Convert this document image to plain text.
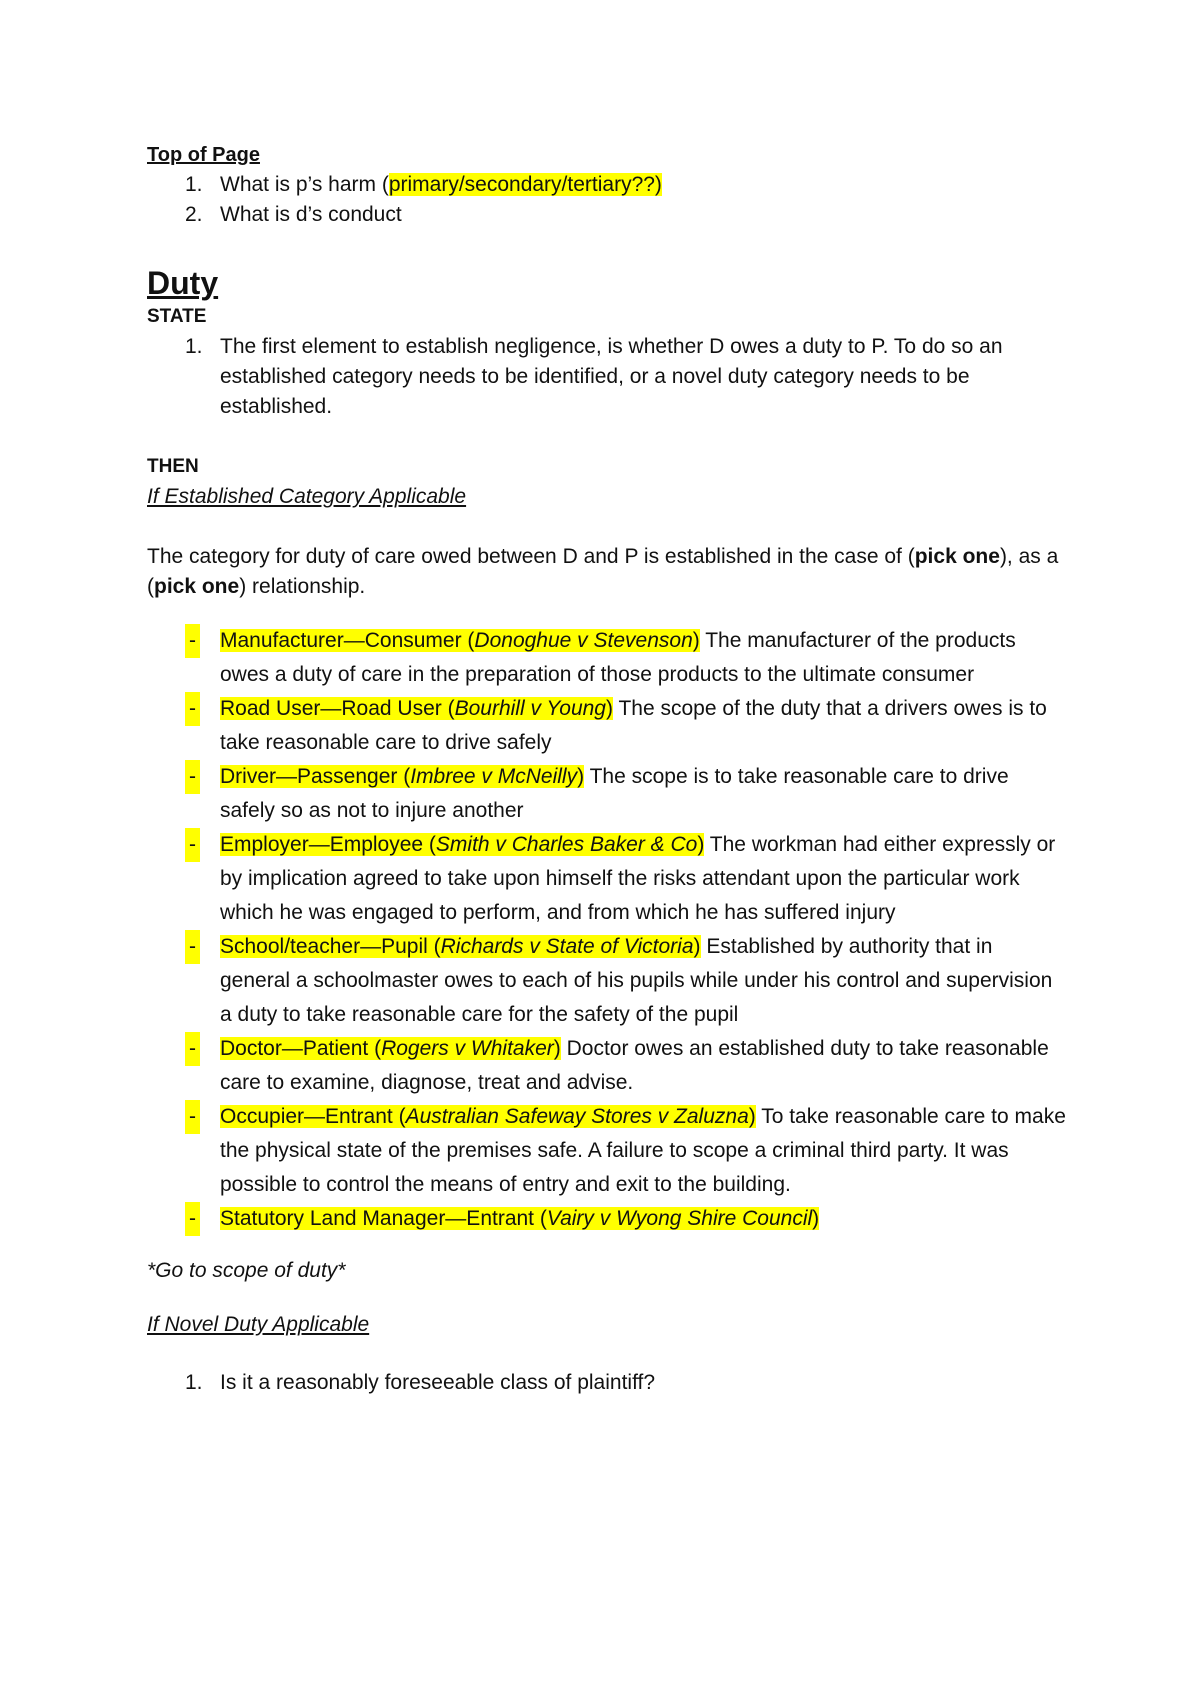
Top of Page
1. What is p’s harm (primary/secondary/tertiary??)
2. What is d’s conduct
Duty
STATE
1. The first element to establish negligence, is whether D owes a duty to P. To do so an established category needs to be identified, or a novel duty category needs to be established.
THEN
If Established Category Applicable
The category for duty of care owed between D and P is established in the case of (pick one), as a (pick one) relationship.
- Manufacturer—Consumer (Donoghue v Stevenson) The manufacturer of the products owes a duty of care in the preparation of those products to the ultimate consumer
- Road User—Road User (Bourhill v Young) The scope of the duty that a drivers owes is to take reasonable care to drive safely
- Driver—Passenger (Imbree v McNeilly) The scope is to take reasonable care to drive safely so as not to injure another
- Employer—Employee (Smith v Charles Baker & Co) The workman had either expressly or by implication agreed to take upon himself the risks attendant upon the particular work which he was engaged to perform, and from which he has suffered injury
- School/teacher—Pupil (Richards v State of Victoria) Established by authority that in general a schoolmaster owes to each of his pupils while under his control and supervision a duty to take reasonable care for the safety of the pupil
- Doctor—Patient (Rogers v Whitaker) Doctor owes an established duty to take reasonable care to examine, diagnose, treat and advise.
- Occupier—Entrant (Australian Safeway Stores v Zaluzna) To take reasonable care to make the physical state of the premises safe. A failure to scope a criminal third party. It was possible to control the means of entry and exit to the building.
- Statutory Land Manager—Entrant (Vairy v Wyong Shire Council)
*Go to scope of duty*
If Novel Duty Applicable
1. Is it a reasonably foreseeable class of plaintiff?
